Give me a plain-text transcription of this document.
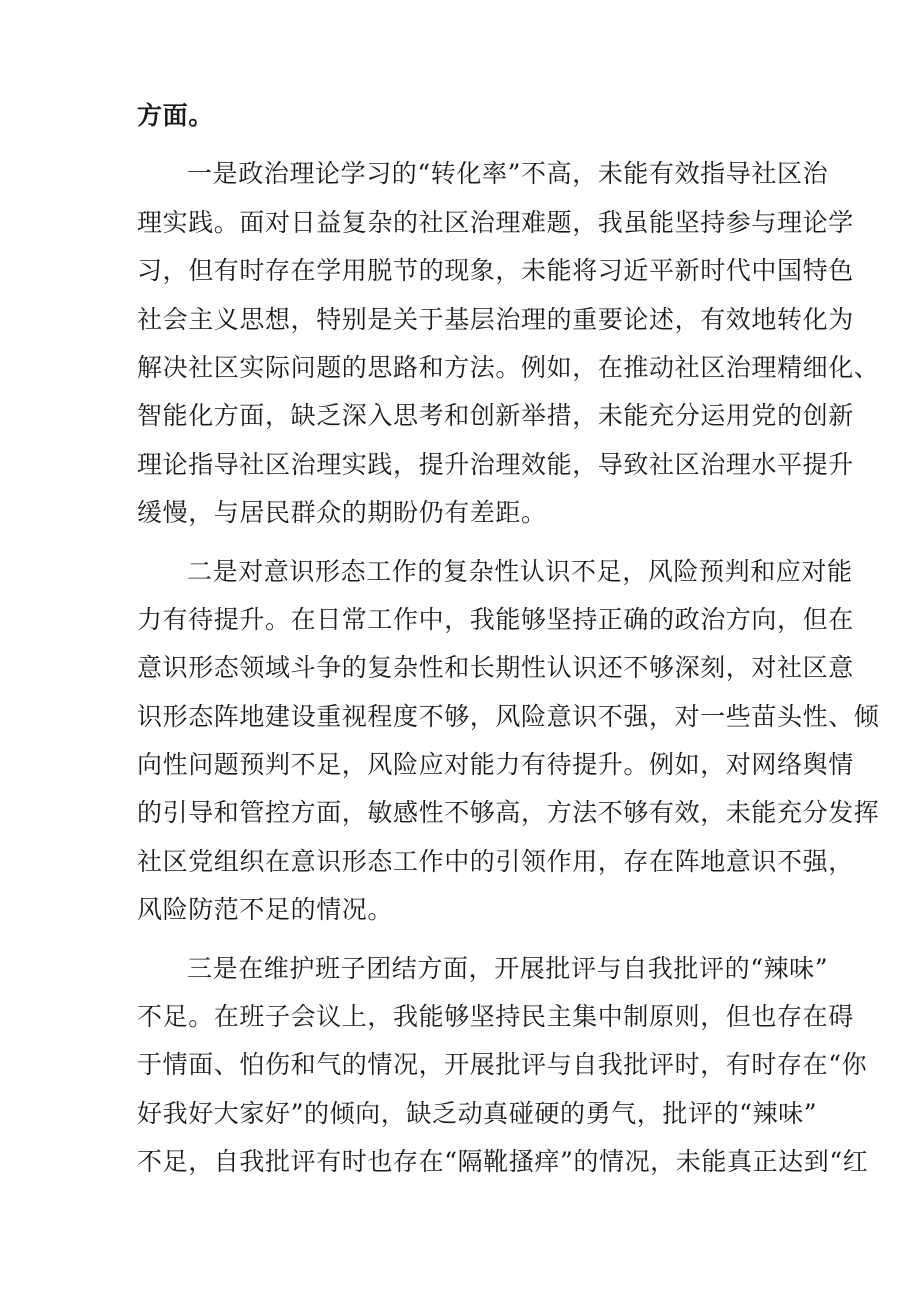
方面。
一是政治理论学习的“转化率”不高，未能有效指导社区治
理实践。面对日益复杂的社区治理难题，我虽能坚持参与理论学
习，但有时存在学用脱节的现象，未能将习近平新时代中国特色
社会主义思想，特别是关于基层治理的重要论述，有效地转化为
解决社区实际问题的思路和方法。例如，在推动社区治理精细化、
智能化方面，缺乏深入思考和创新举措，未能充分运用党的创新
理论指导社区治理实践，提升治理效能，导致社区治理水平提升
缓慢，与居民群众的期盼仍有差距。
二是对意识形态工作的复杂性认识不足，风险预判和应对能
力有待提升。在日常工作中，我能够坚持正确的政治方向，但在
意识形态领域斗争的复杂性和长期性认识还不够深刻，对社区意
识形态阵地建设重视程度不够，风险意识不强，对一些苗头性、倾
向性问题预判不足，风险应对能力有待提升。例如，对网络舆情
的引导和管控方面，敏感性不够高，方法不够有效，未能充分发挥
社区党组织在意识形态工作中的引领作用，存在阵地意识不强，
风险防范不足的情况。
三是在维护班子团结方面，开展批评与自我批评的“辣味”
不足。在班子会议上，我能够坚持民主集中制原则，但也存在碍
于情面、怕伤和气的情况，开展批评与自我批评时，有时存在“你
好我好大家好”的倾向，缺乏动真碰硬的勇气，批评的“辣味”
不足，自我批评有时也存在“隔靴搔痒”的情况，未能真正达到“红
